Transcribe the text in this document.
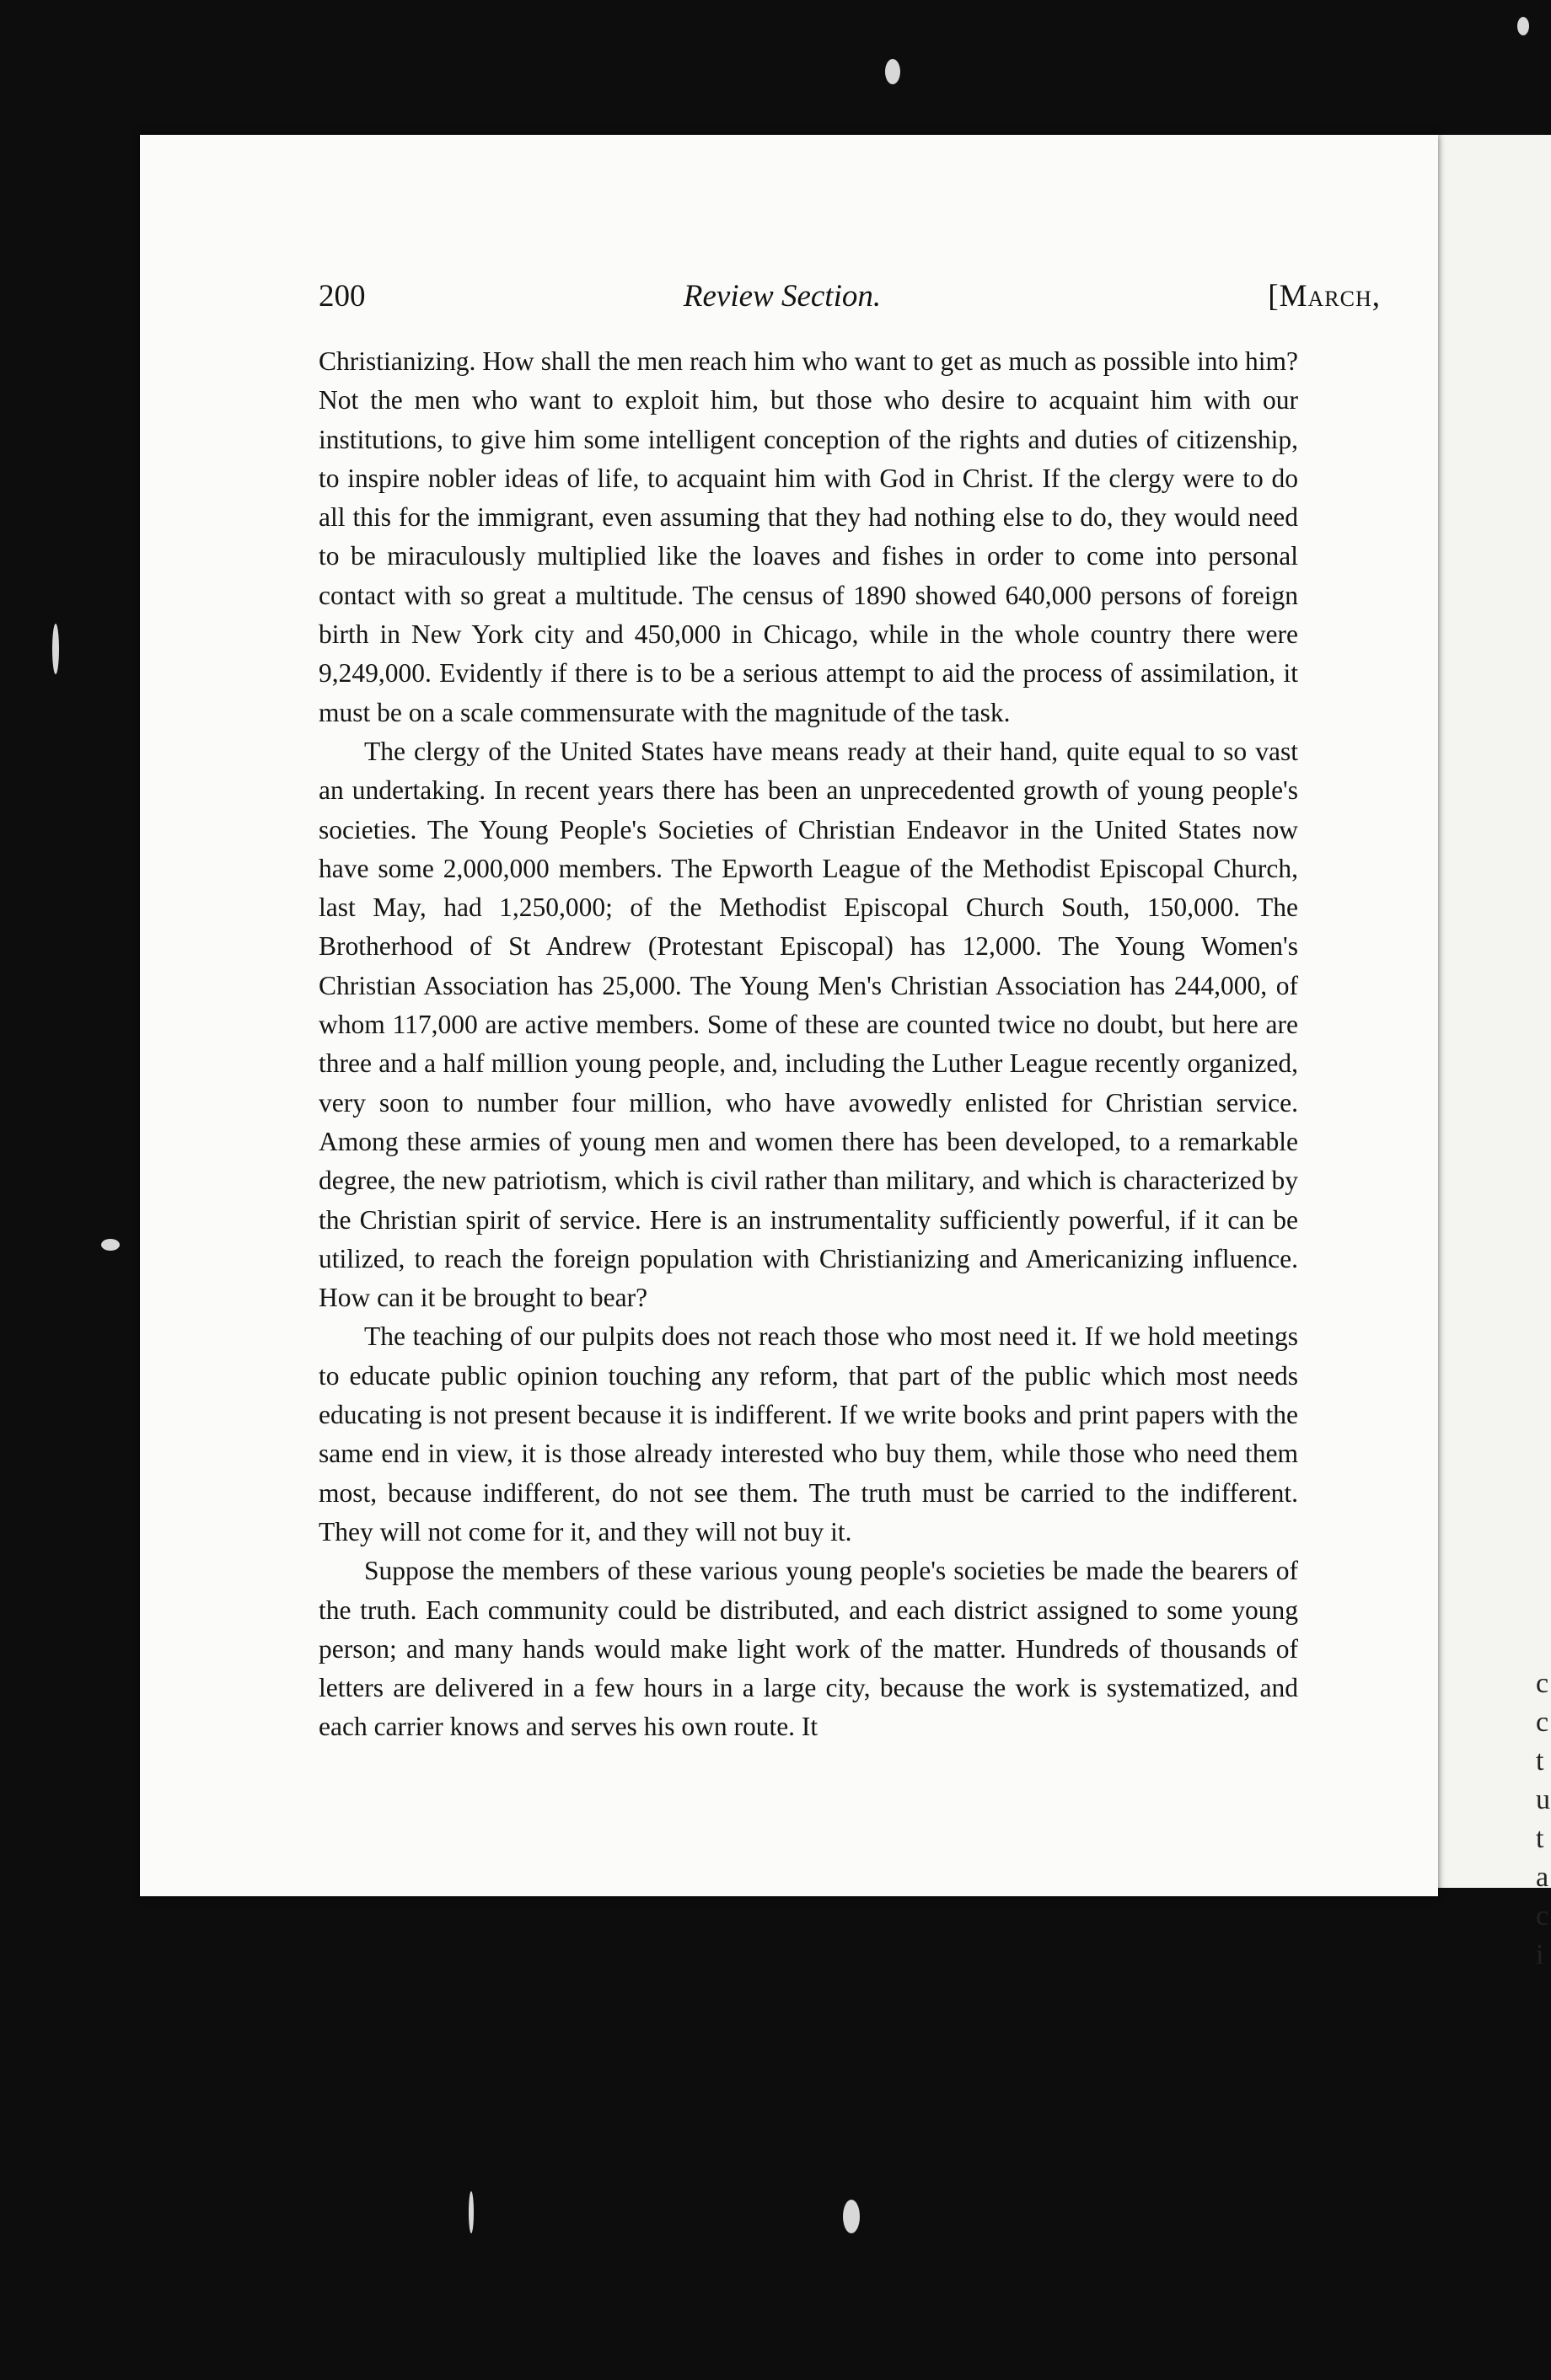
c
c
t
u
t
a
c
i
200	Review Section.	[March,

Christianizing. How shall the men reach him who want to get as much as possible into him? Not the men who want to exploit him, but those who desire to acquaint him with our institutions, to give him some intelligent conception of the rights and duties of citizenship, to inspire nobler ideas of life, to acquaint him with God in Christ. If the clergy were to do all this for the immigrant, even assuming that they had nothing else to do, they would need to be miraculously multiplied like the loaves and fishes in order to come into personal contact with so great a multitude. The census of 1890 showed 640,000 persons of foreign birth in New York city and 450,000 in Chicago, while in the whole country there were 9,249,000. Evidently if there is to be a serious attempt to aid the process of assimilation, it must be on a scale commensurate with the magnitude of the task.

The clergy of the United States have means ready at their hand, quite equal to so vast an undertaking. In recent years there has been an unprecedented growth of young people's societies. The Young People's Societies of Christian Endeavor in the United States now have some 2,000,000 members. The Epworth League of the Methodist Episcopal Church, last May, had 1,250,000; of the Methodist Episcopal Church South, 150,000. The Brotherhood of St Andrew (Protestant Episcopal) has 12,000. The Young Women's Christian Association has 25,000. The Young Men's Christian Association has 244,000, of whom 117,000 are active members. Some of these are counted twice no doubt, but here are three and a half million young people, and, including the Luther League recently organized, very soon to number four million, who have avowedly enlisted for Christian service. Among these armies of young men and women there has been developed, to a remarkable degree, the new patriotism, which is civil rather than military, and which is characterized by the Christian spirit of service. Here is an instrumentality sufficiently powerful, if it can be utilized, to reach the foreign population with Christianizing and Americanizing influence. How can it be brought to bear?

The teaching of our pulpits does not reach those who most need it. If we hold meetings to educate public opinion touching any reform, that part of the public which most needs educating is not present because it is indifferent. If we write books and print papers with the same end in view, it is those already interested who buy them, while those who need them most, because indifferent, do not see them. The truth must be carried to the indifferent. They will not come for it, and they will not buy it.

Suppose the members of these various young people's societies be made the bearers of the truth. Each community could be distributed, and each district assigned to some young person; and many hands would make light work of the matter. Hundreds of thousands of letters are delivered in a few hours in a large city, because the work is systematized, and each carrier knows and serves his own route. It
